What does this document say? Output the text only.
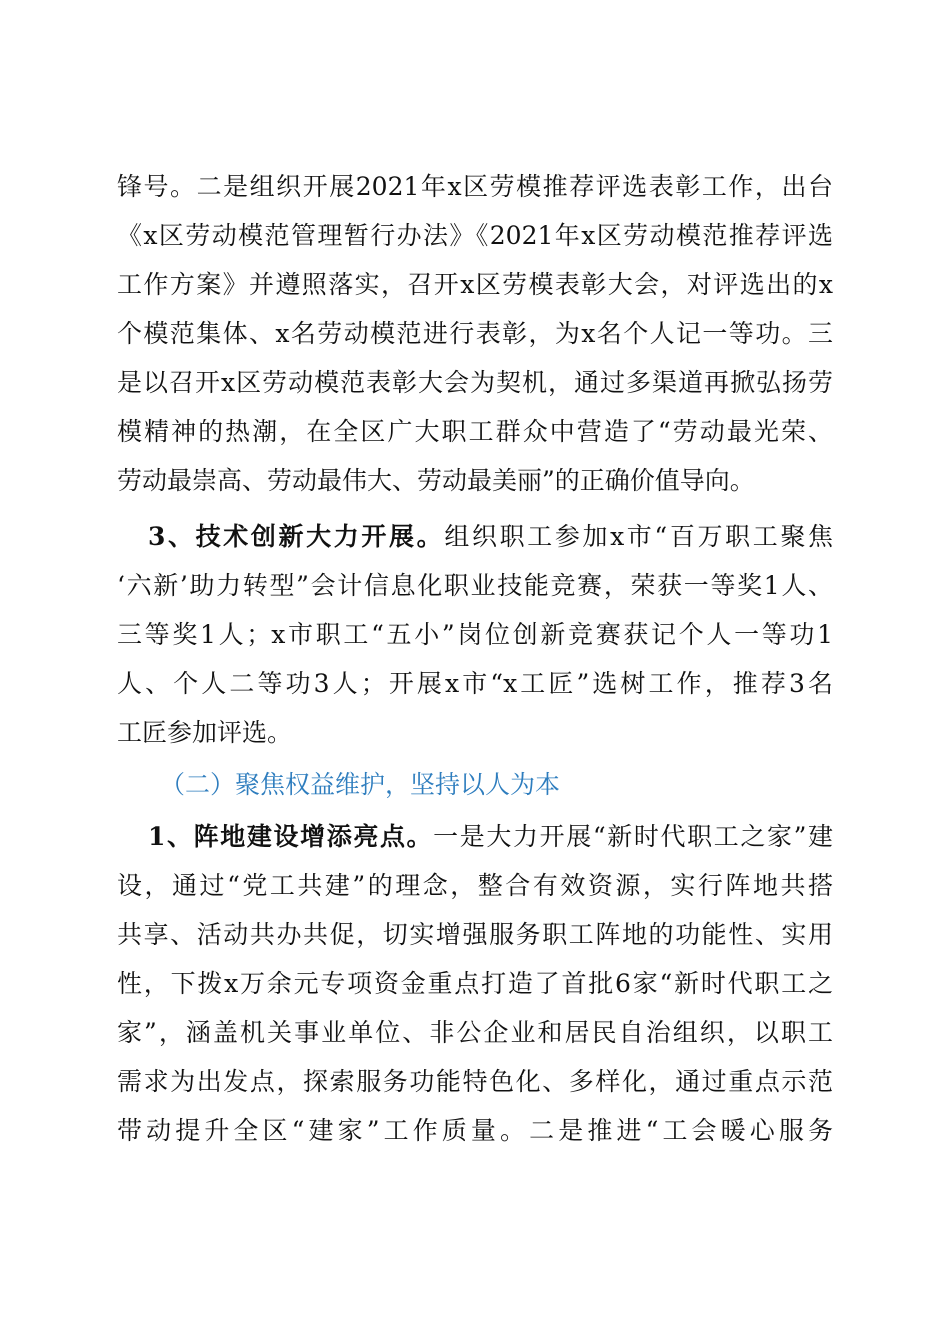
锋号。二是组织开展2021年x区劳模推荐评选表彰工作，出台
《x区劳动模范管理暂行办法》《2021年x区劳动模范推荐评选
工作方案》并遵照落实，召开x区劳模表彰大会，对评选出的x
个模范集体、x名劳动模范进行表彰，为x名个人记一等功。三
是以召开x区劳动模范表彰大会为契机，通过多渠道再掀弘扬劳
模精神的热潮，在全区广大职工群众中营造了“劳动最光荣、
劳动最崇高、劳动最伟大、劳动最美丽”的正确价值导向。
3、技术创新大力开展。组织职工参加x市“百万职工聚焦
‘六新’助力转型”会计信息化职业技能竞赛，荣获一等奖1人、
三等奖1人；x市职工“五小”岗位创新竞赛获记个人一等功1
人、个人二等功3人；开展x市“x工匠”选树工作，推荐3名
工匠参加评选。
（二）聚焦权益维护，坚持以人为本
1、阵地建设增添亮点。一是大力开展“新时代职工之家”建
设，通过“党工共建”的理念，整合有效资源，实行阵地共搭
共享、活动共办共促，切实增强服务职工阵地的功能性、实用
性，下拨x万余元专项资金重点打造了首批6家“新时代职工之
家”，涵盖机关事业单位、非公企业和居民自治组织，以职工
需求为出发点，探索服务功能特色化、多样化，通过重点示范
带动提升全区“建家”工作质量。二是推进“工会暖心服务
